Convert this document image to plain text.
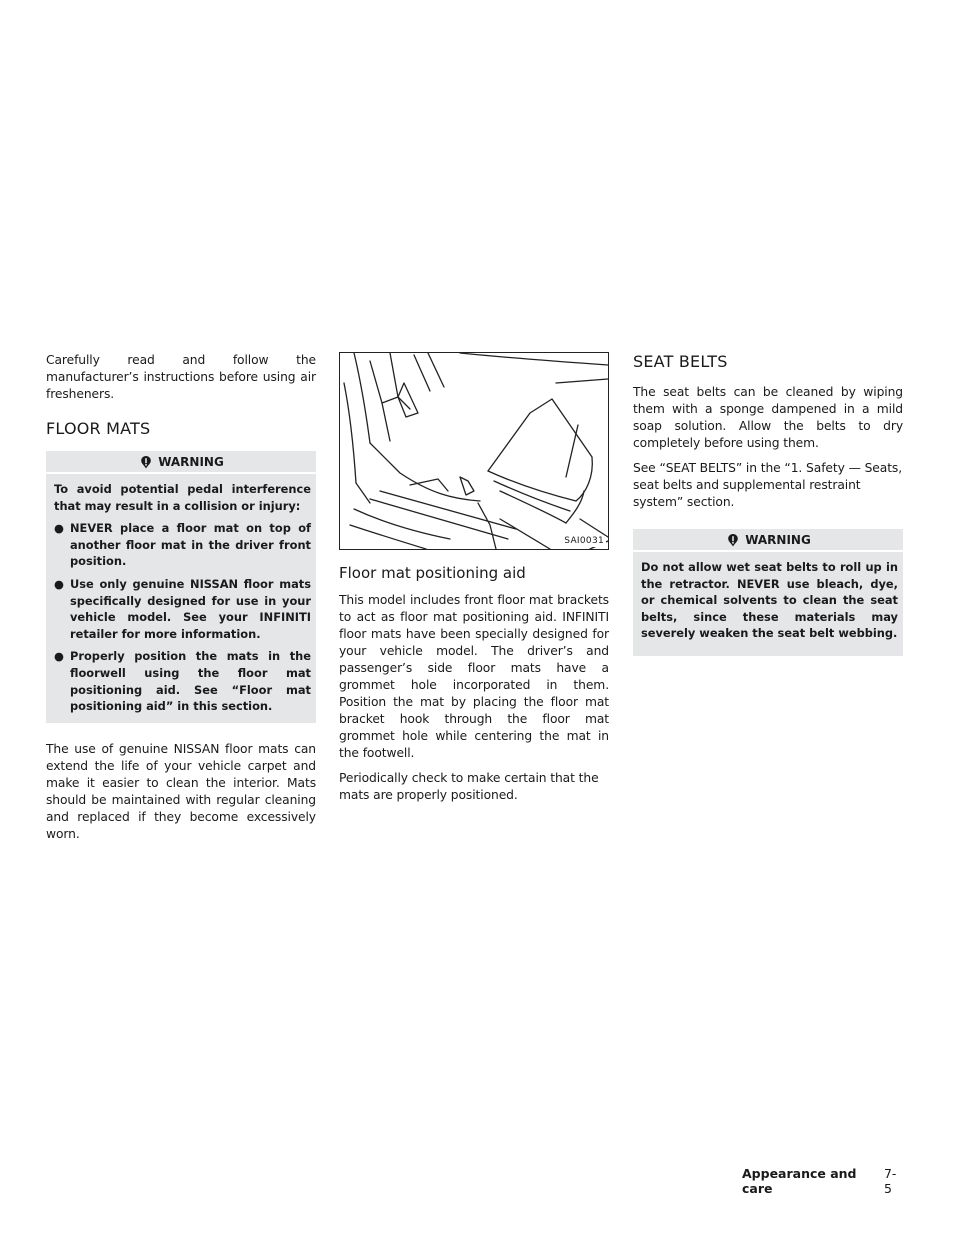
Carefully read and follow the manufacturer’s instructions before using air fresheners.

FLOOR MATS
WARNING

To avoid potential pedal interference that may result in a collision or injury:

● NEVER place a floor mat on top of another floor mat in the driver front position.
● Use only genuine NISSAN floor mats specifically designed for use in your vehicle model. See your INFINITI retailer for more information.
● Properly position the mats in the floorwell using the floor mat positioning aid. See “Floor mat positioning aid” in this section.

The use of genuine NISSAN floor mats can extend the life of your vehicle carpet and make it easier to clean the interior. Mats should be maintained with regular cleaning and replaced if they become excessively worn.

SAI0031
Floor mat positioning aid

This model includes front floor mat brackets to act as floor mat positioning aid. INFINITI floor mats have been specially designed for your vehicle model. The driver’s and passenger’s side floor mats have a grommet hole incorporated in them. Position the mat by placing the floor mat bracket hook through the floor mat grommet hole while centering the mat in the footwell.

Periodically check to make certain that the mats are properly positioned.

SEAT BELTS

The seat belts can be cleaned by wiping them with a sponge dampened in a mild soap solution. Allow the belts to dry completely before using them.

See “SEAT BELTS” in the “1. Safety — Seats, seat belts and supplemental restraint system” section.

WARNING

Do not allow wet seat belts to roll up in the retractor. NEVER use bleach, dye, or chemical solvents to clean the seat belts, since these materials may severely weaken the seat belt webbing.

Appearance and care
7-5
